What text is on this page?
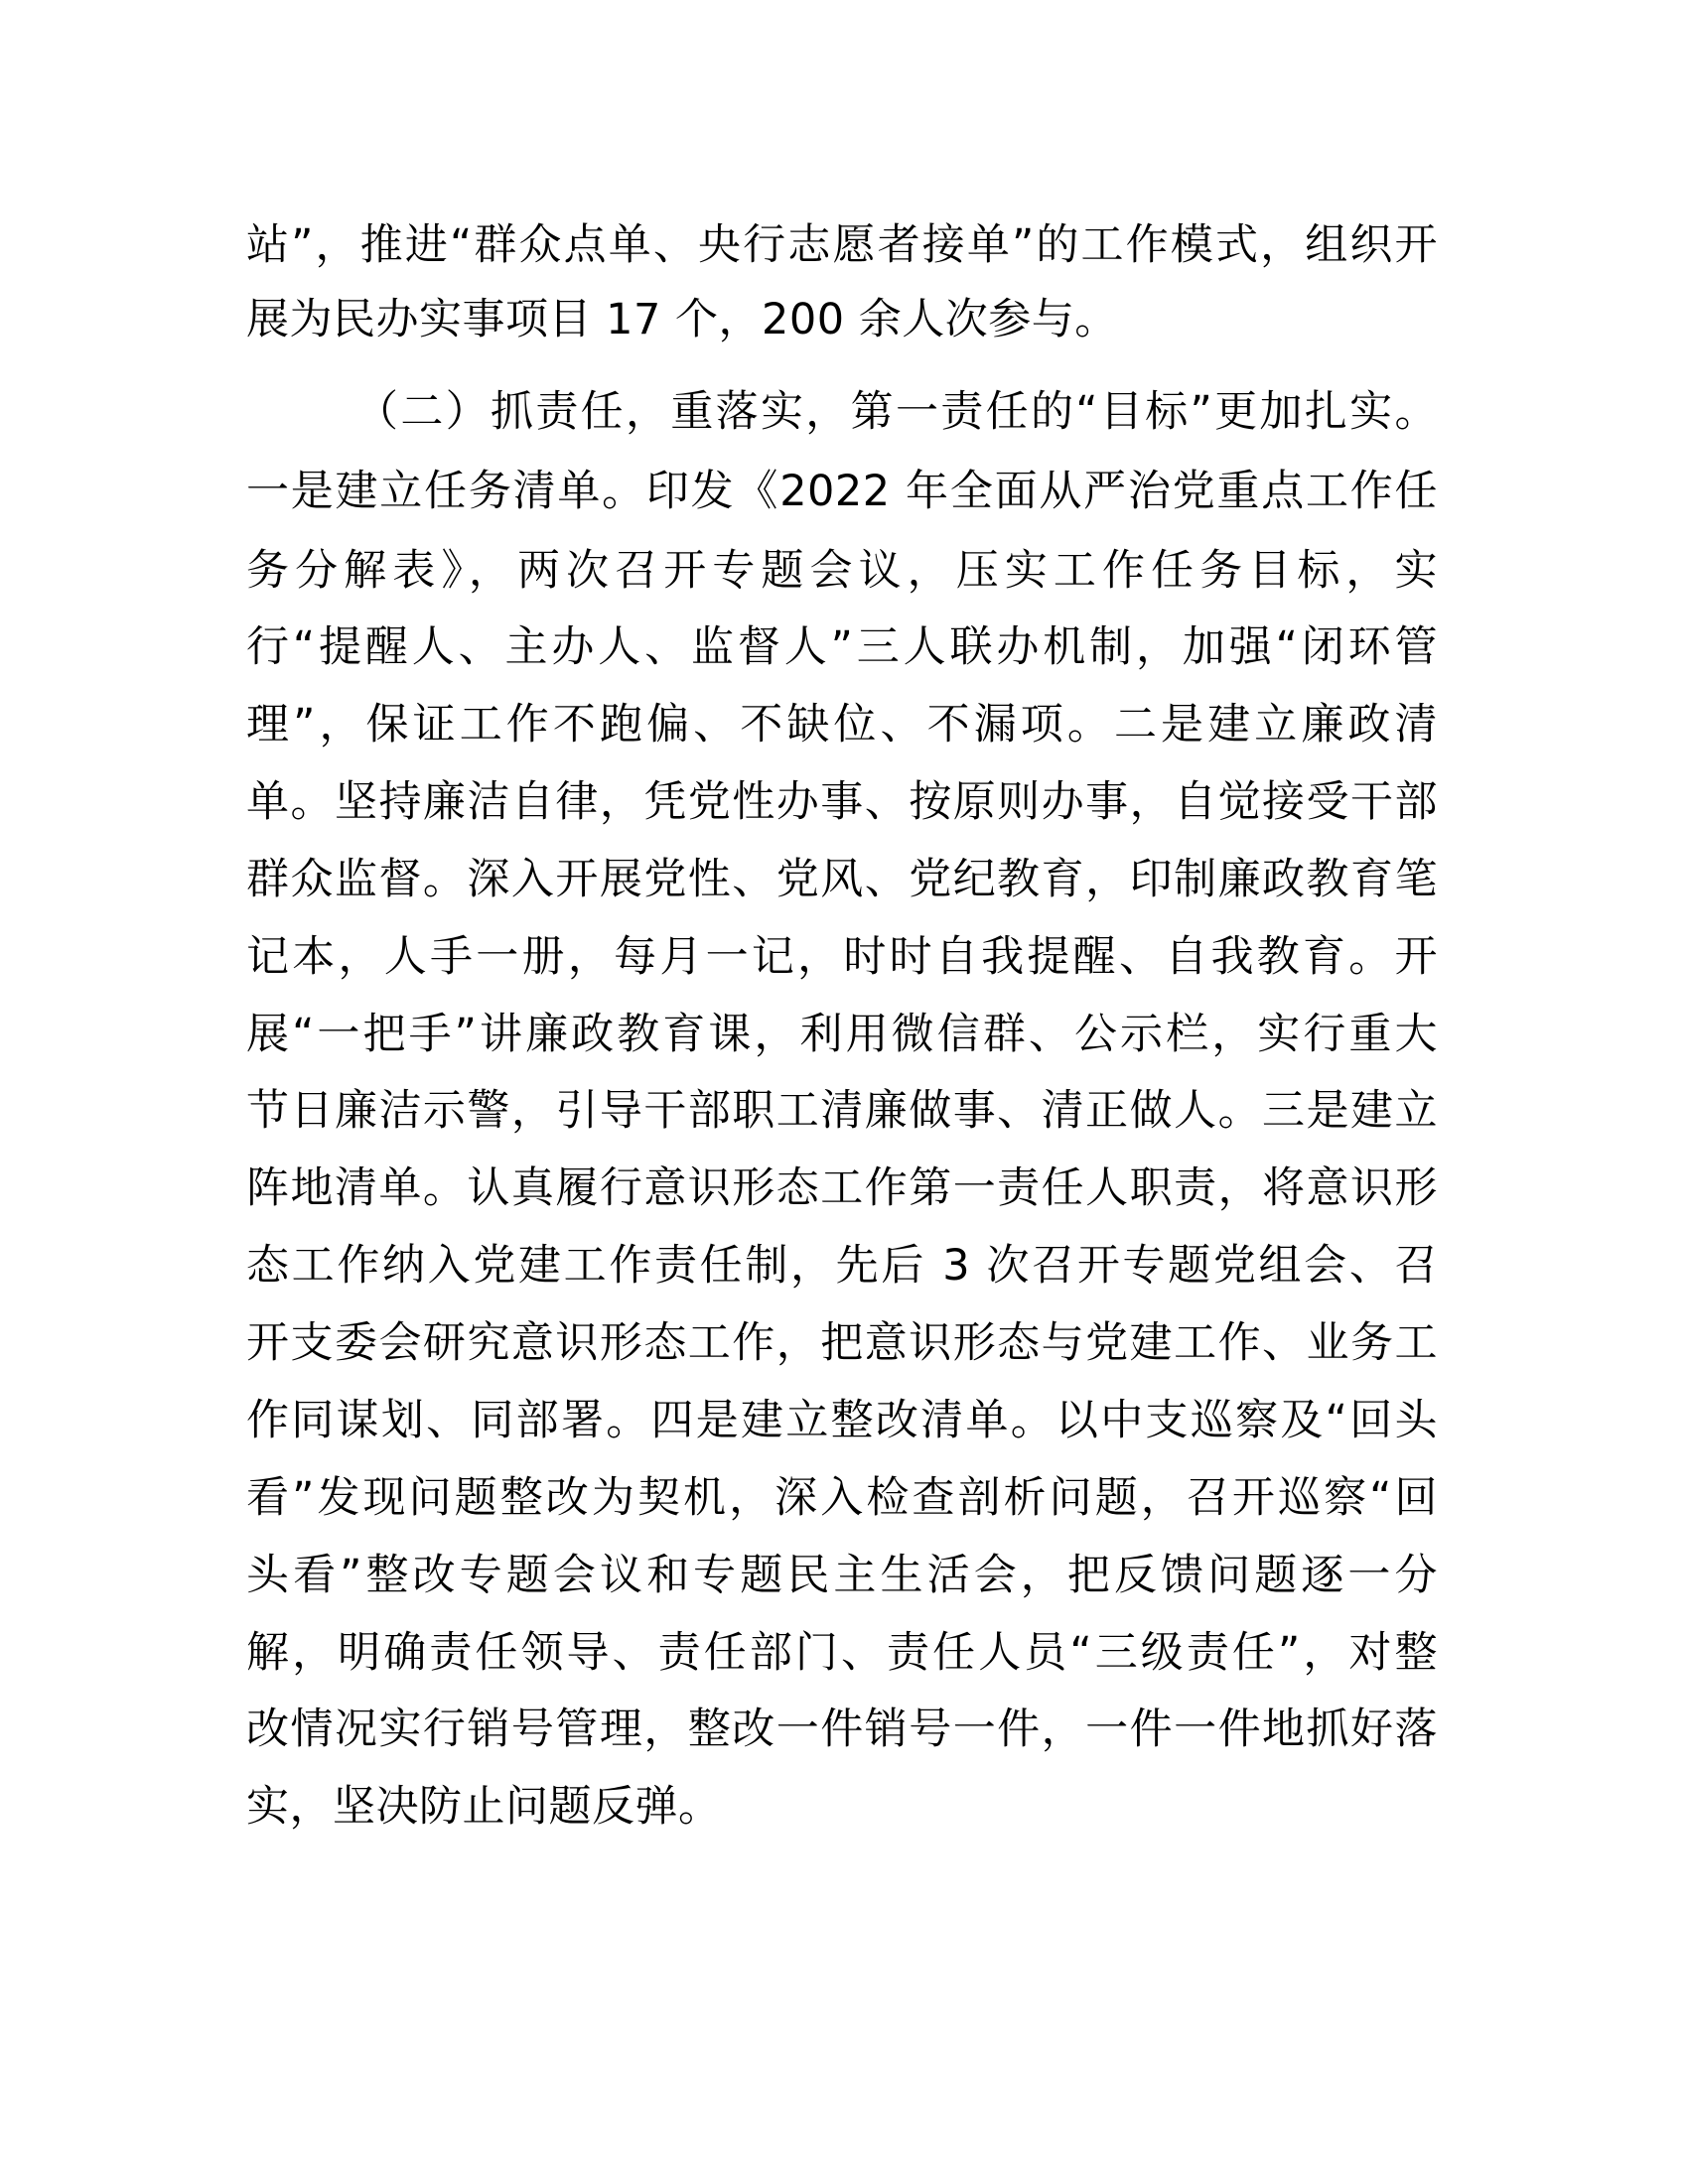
站”，推进“群众点单、央行志愿者接单”的工作模式，组织开

展为民办实事项目 17 个，200 余人次参与。

（二）抓责任，重落实，第一责任的“目标”更加扎实。

一是建立任务清单。印发《2022 年全面从严治党重点工作任

务分解表》，两次召开专题会议，压实工作任务目标，实

行“提醒人、主办人、监督人”三人联办机制，加强“闭环管

理”，保证工作不跑偏、不缺位、不漏项。二是建立廉政清

单。坚持廉洁自律，凭党性办事、按原则办事，自觉接受干部

群众监督。深入开展党性、党风、党纪教育，印制廉政教育笔

记本，人手一册，每月一记，时时自我提醒、自我教育。开

展“一把手”讲廉政教育课，利用微信群、公示栏，实行重大

节日廉洁示警，引导干部职工清廉做事、清正做人。三是建立

阵地清单。认真履行意识形态工作第一责任人职责，将意识形

态工作纳入党建工作责任制，先后 3 次召开专题党组会、召

开支委会研究意识形态工作，把意识形态与党建工作、业务工

作同谋划、同部署。四是建立整改清单。以中支巡察及“回头

看”发现问题整改为契机，深入检查剖析问题，召开巡察“回

头看”整改专题会议和专题民主生活会，把反馈问题逐一分

解，明确责任领导、责任部门、责任人员“三级责任”，对整

改情况实行销号管理，整改一件销号一件，一件一件地抓好落

实，坚决防止问题反弹。
